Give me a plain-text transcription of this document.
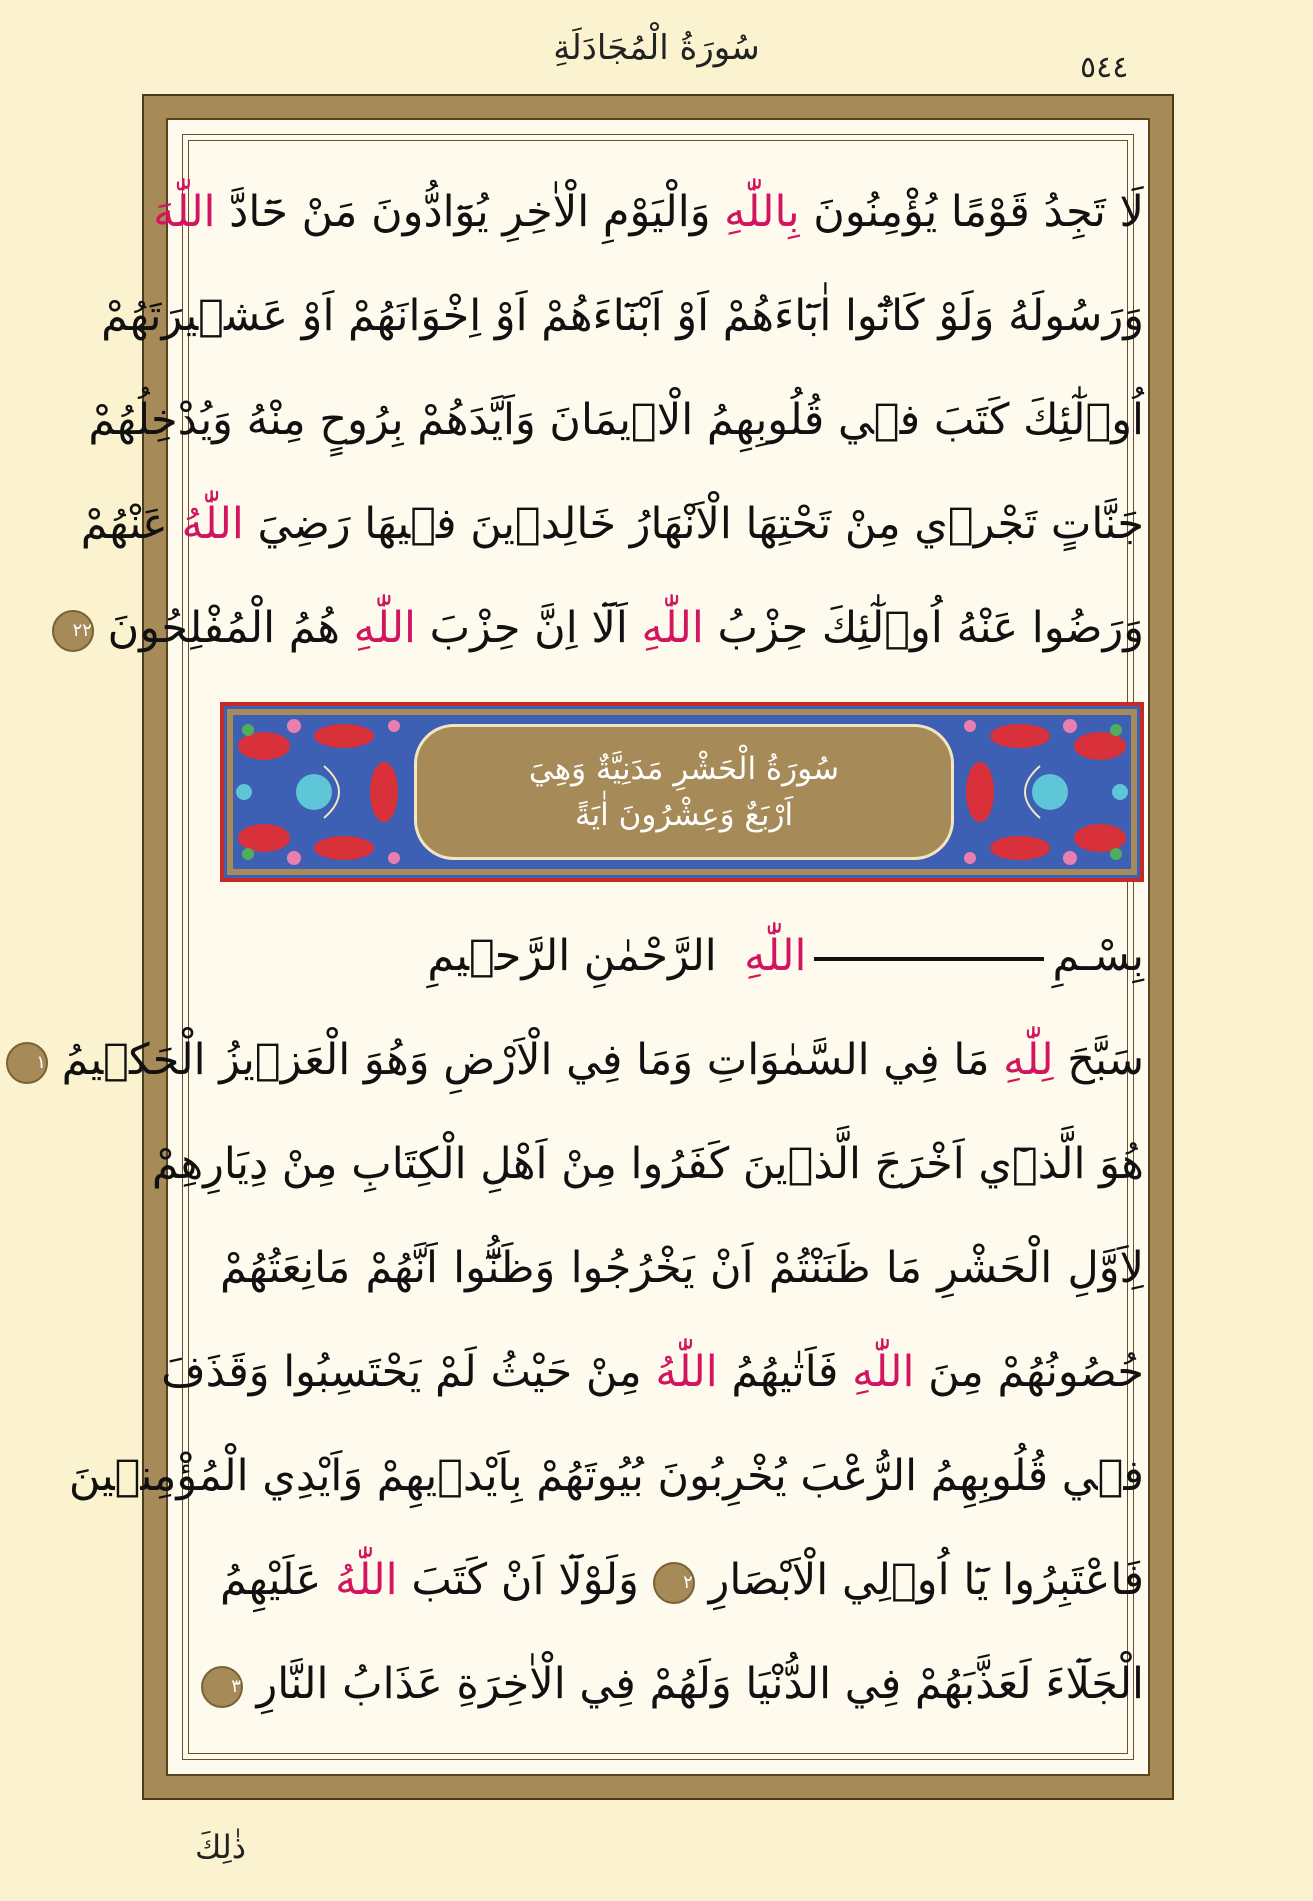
سُورَةُ الْمُجَادَلَةِ	٥٤٤
لَا تَجِدُ قَوْمًا يُؤْمِنُونَ بِاللّٰهِ وَالْيَوْمِ الْاٰخِرِ يُوَٓادُّونَ مَنْ حَٓادَّ اللّٰهَ
وَرَسُولَهُ وَلَوْ كَانُٓوا اٰبَٓاءَهُمْ اَوْ اَبْنَٓاءَهُمْ اَوْ اِخْوَانَهُمْ اَوْ عَشٖيرَتَهُمْ
اُو۬لٰٓئِكَ كَتَبَ فٖي قُلُوبِهِمُ الْاٖيمَانَ وَاَيَّدَهُمْ بِرُوحٍ مِنْهُ وَيُدْخِلُهُمْ
جَنَّاتٍ تَجْرٖي مِنْ تَحْتِهَا الْاَنْهَارُ خَالِدٖينَ فٖيهَا رَضِيَ اللّٰهُ عَنْهُمْ
وَرَضُوا عَنْهُ اُو۬لٰٓئِكَ حِزْبُ اللّٰهِ اَلَٓا اِنَّ حِزْبَ اللّٰهِ هُمُ الْمُفْلِحُونَ ٢٢
سُورَةُ الْحَشْرِ مَدَنِيَّةٌ وَهِيَ
اَرْبَعٌ وَعِشْرُونَ اٰيَةً
بِسْـمِاللّٰهِ  الرَّحْمٰنِ الرَّحٖيمِ
سَبَّحَ لِلّٰهِ مَا فِي السَّمٰوَاتِ وَمَا فِي الْاَرْضِ وَهُوَ الْعَزٖيزُ الْحَكٖيمُ ١
هُوَ الَّذٖٓي اَخْرَجَ الَّذٖينَ كَفَرُوا مِنْ اَهْلِ الْكِتَابِ مِنْ دِيَارِهِمْ
لِاَوَّلِ الْحَشْرِ مَا ظَنَنْتُمْ اَنْ يَخْرُجُوا وَظَنُّٓوا اَنَّهُمْ مَانِعَتُهُمْ
حُصُونُهُمْ مِنَ اللّٰهِ فَاَتٰيهُمُ اللّٰهُ مِنْ حَيْثُ لَمْ يَحْتَسِبُوا وَقَذَفَ
فٖي قُلُوبِهِمُ الرُّعْبَ يُخْرِبُونَ بُيُوتَهُمْ بِاَيْدٖيهِمْ وَاَيْدِي الْمُؤْمِنٖينَ
فَاعْتَبِرُوا يَٓا اُو۬لِي الْاَبْصَارِ ٢ وَلَوْلَٓا اَنْ كَتَبَ اللّٰهُ عَلَيْهِمُ
الْجَلَٓاءَ لَعَذَّبَهُمْ فِي الدُّنْيَا وَلَهُمْ فِي الْاٰخِرَةِ عَذَابُ النَّارِ ٣
ذٰلِكَ
